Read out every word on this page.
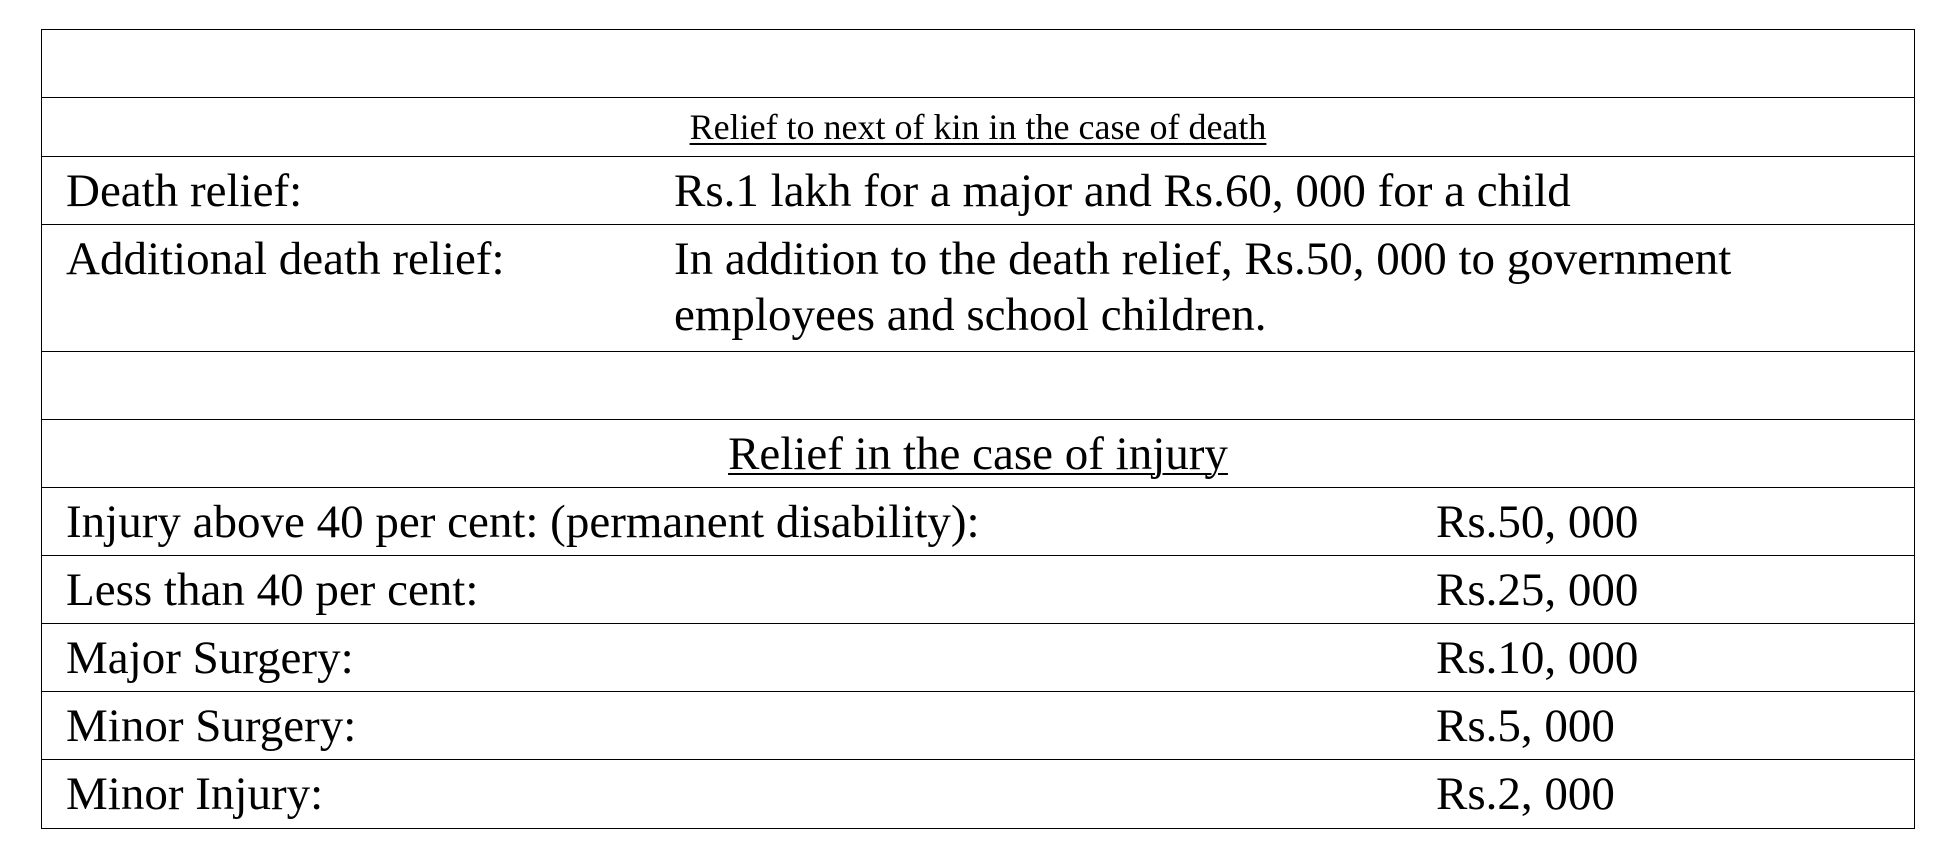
Relief to next of kin in the case of death
Death relief:	Rs.1 lakh for a major and Rs.60, 000 for a child
Additional death relief:	In addition to the death relief, Rs.50, 000 to government employees and school children.
Relief in the case of injury
Injury above 40 per cent: (permanent disability):	Rs.50, 000
Less than 40 per cent:	Rs.25, 000
Major Surgery:	Rs.10, 000
Minor Surgery:	Rs.5, 000
Minor Injury:	Rs.2, 000
